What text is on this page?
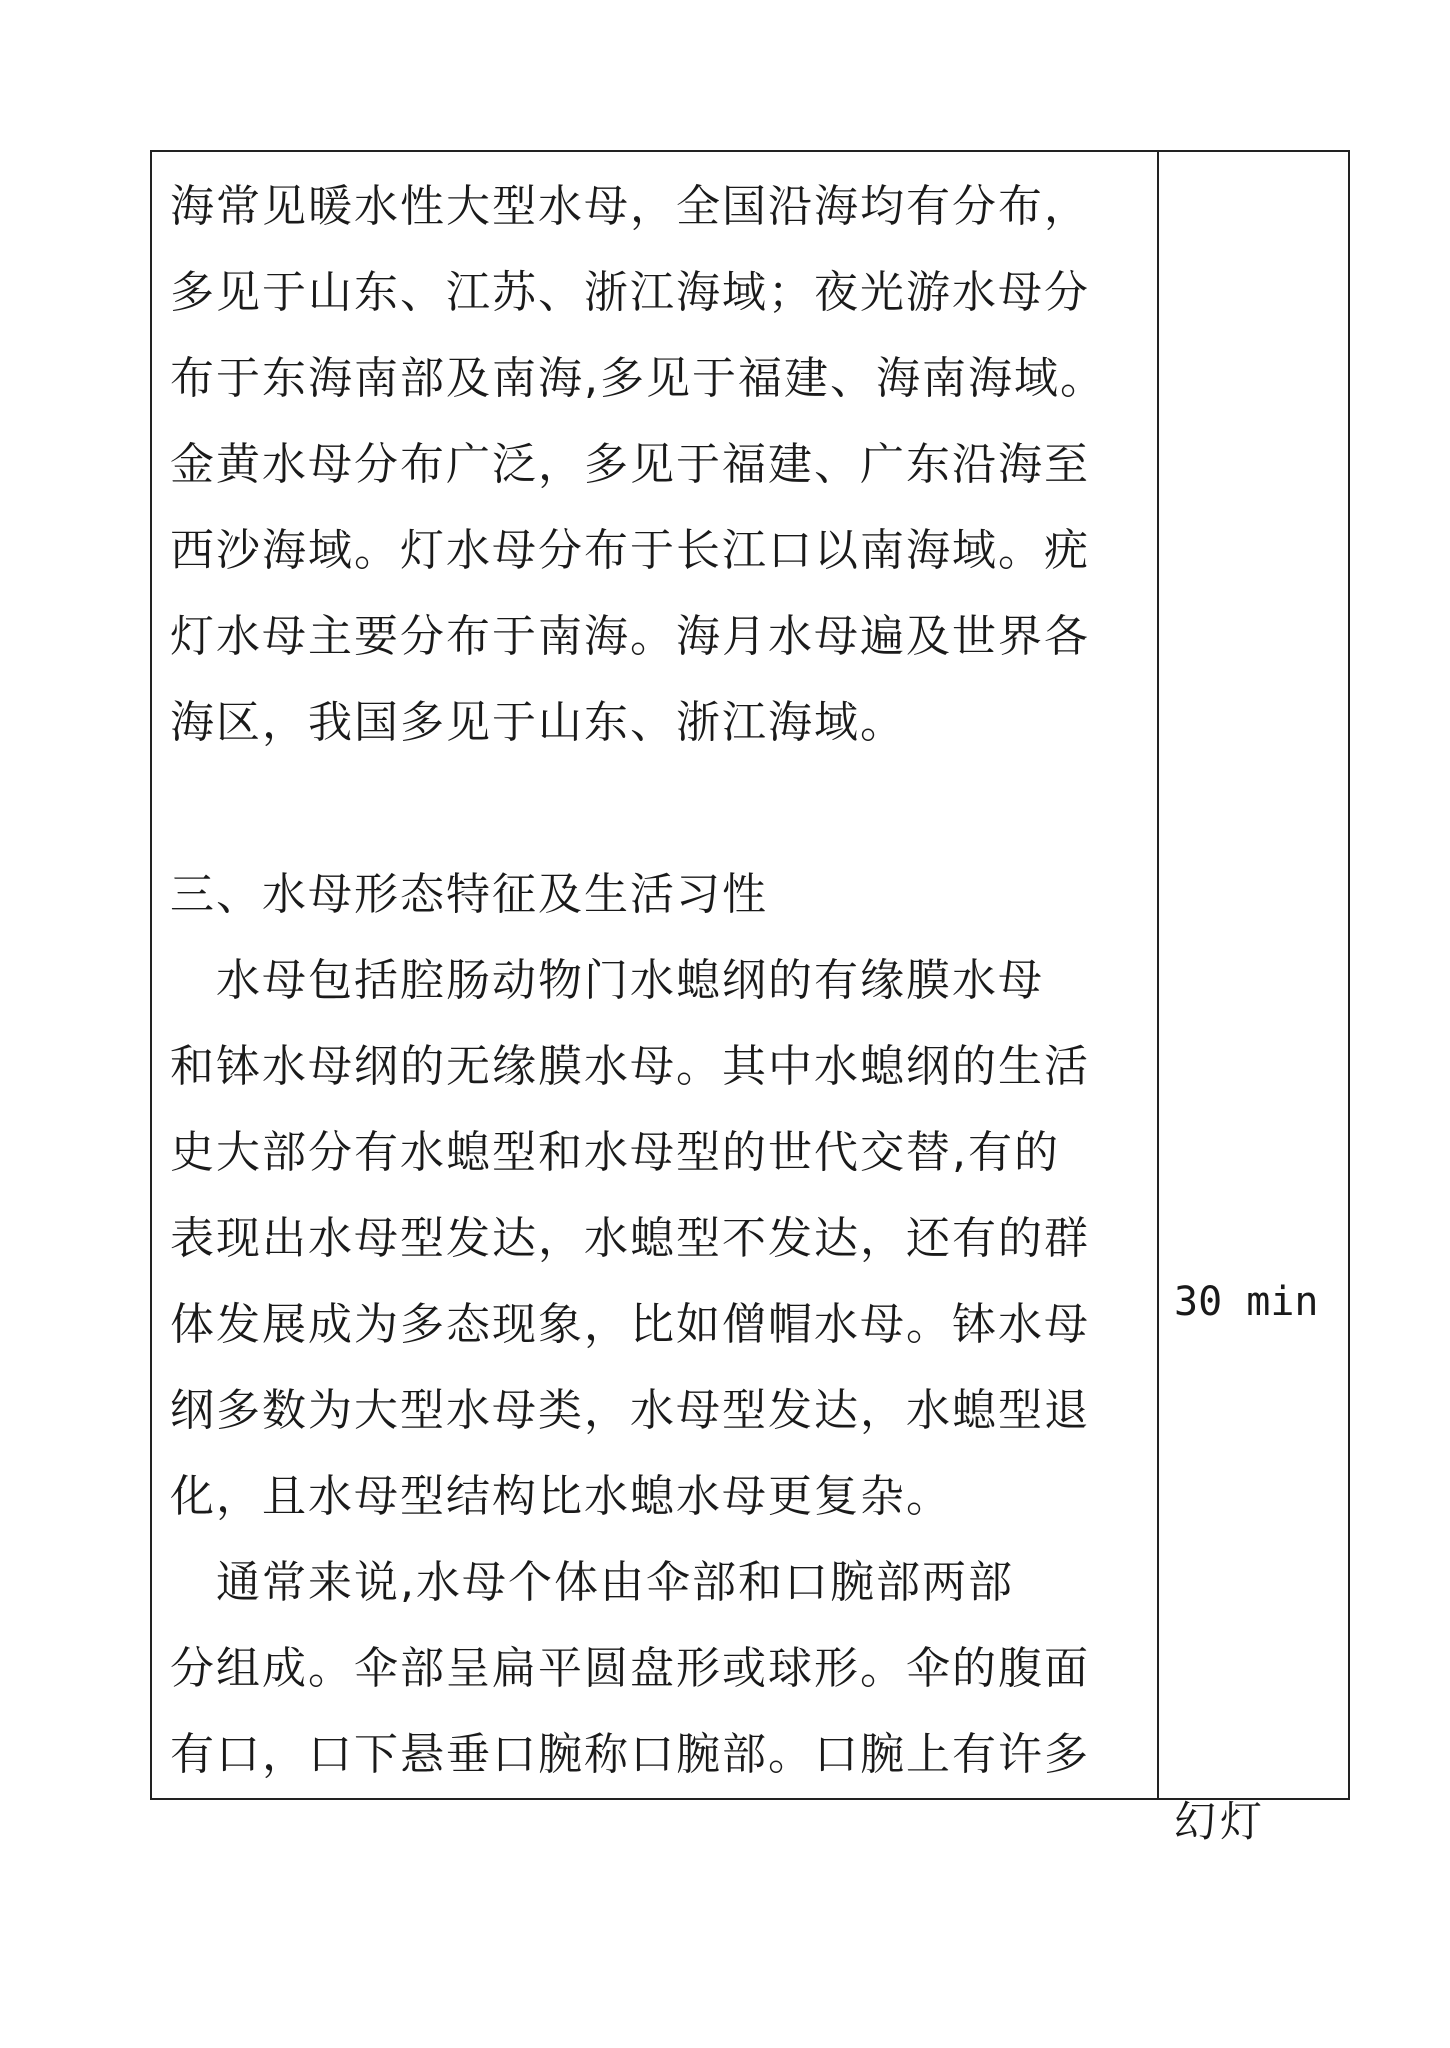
海常见暖水性大型水母，全国沿海均有分布，
多见于山东、江苏、浙江海域；夜光游水母分
布于东海南部及南海,多见于福建、海南海域。
金黄水母分布广泛，多见于福建、广东沿海至
西沙海域。灯水母分布于长江口以南海域。疣
灯水母主要分布于南海。海月水母遍及世界各
海区，我国多见于山东、浙江海域。
三、水母形态特征及生活习性
　水母包括腔肠动物门水螅纲的有缘膜水母
和钵水母纲的无缘膜水母。其中水螅纲的生活
史大部分有水螅型和水母型的世代交替,有的
表现出水母型发达，水螅型不发达，还有的群
体发展成为多态现象，比如僧帽水母。钵水母
纲多数为大型水母类，水母型发达，水螅型退
化，且水母型结构比水螅水母更复杂。
　通常来说,水母个体由伞部和口腕部两部
分组成。伞部呈扁平圆盘形或球形。伞的腹面
有口，口下悬垂口腕称口腕部。口腕上有许多
30 min
幻灯
